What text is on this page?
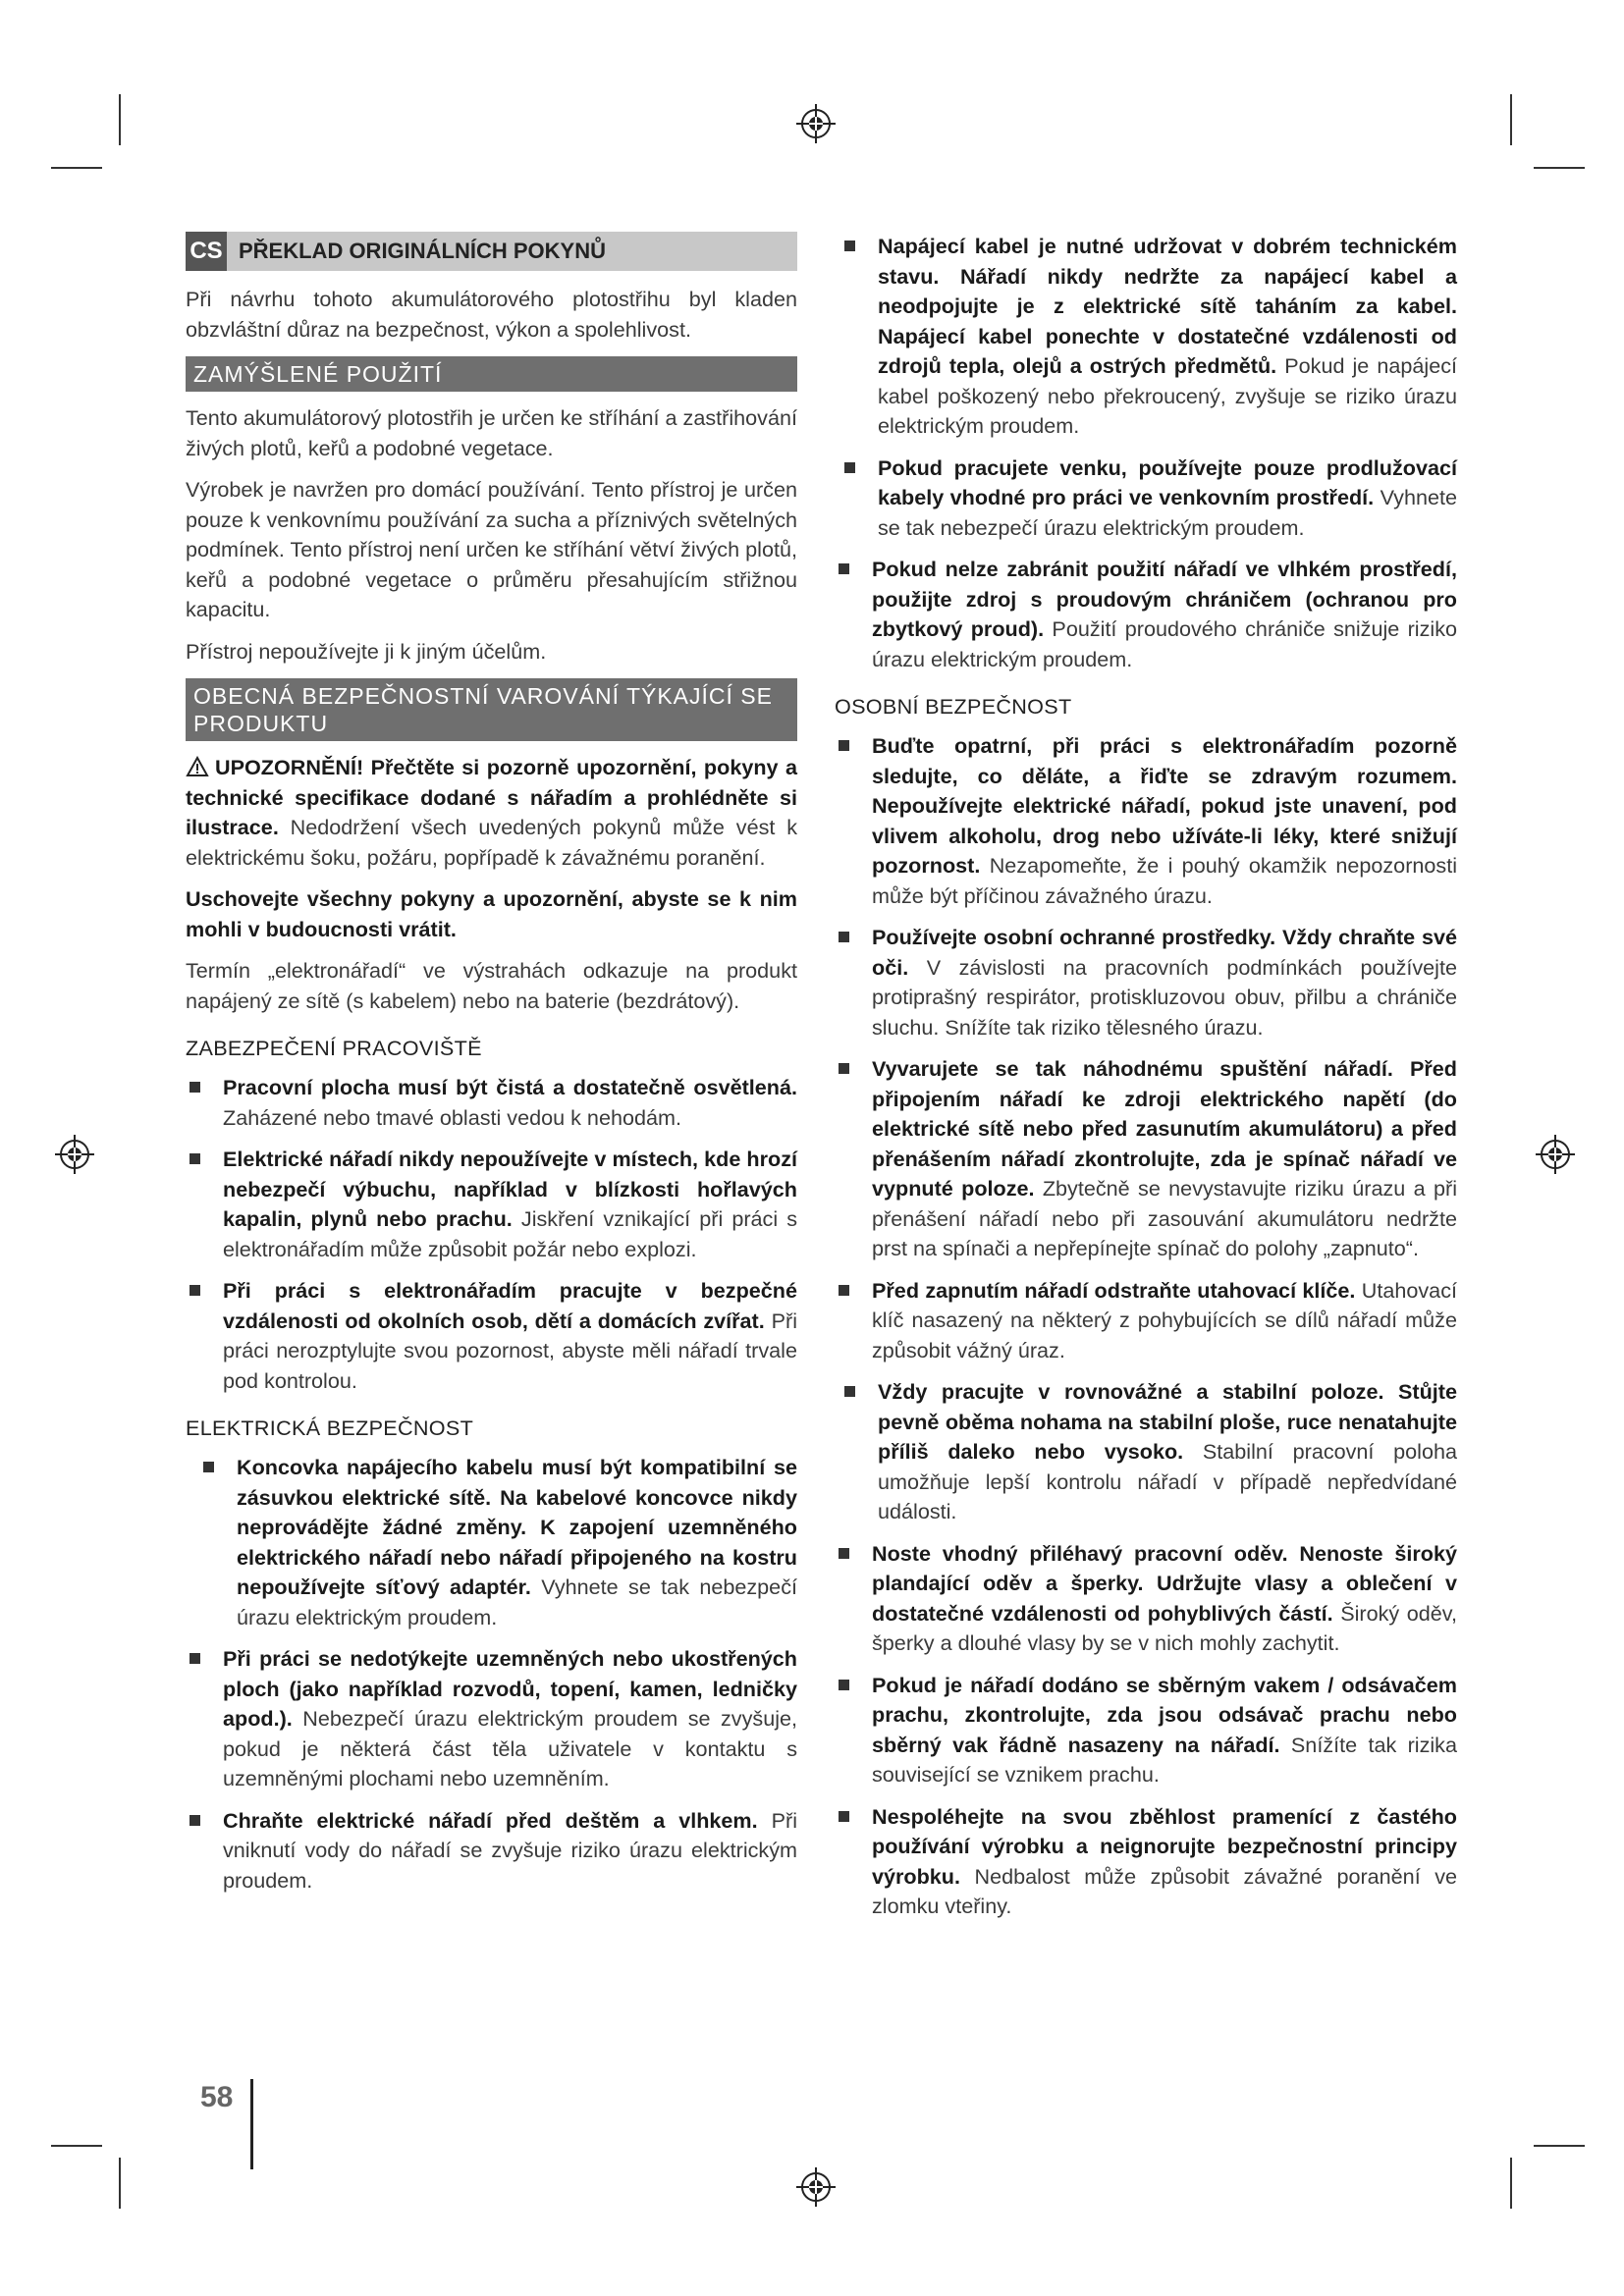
CS PŘEKLAD ORIGINÁLNÍCH POKYNŮ

Při návrhu tohoto akumulátorového plotostřihu byl kladen obzvláštní důraz na bezpečnost, výkon a spolehlivost.

ZAMÝŠLENÉ POUŽITÍ

Tento akumulátorový plotostřih je určen ke stříhání a zastřihování živých plotů, keřů a podobné vegetace.

Výrobek je navržen pro domácí používání. Tento přístroj je určen pouze k venkovnímu používání za sucha a příznivých světelných podmínek. Tento přístroj není určen ke stříhání větví živých plotů, keřů a podobné vegetace o průměru přesahujícím střižnou kapacitu.

Přístroj nepoužívejte ji k jiným účelům.

OBECNÁ BEZPEČNOSTNÍ VAROVÁNÍ TÝKAJÍCÍ SE PRODUKTU

UPOZORNĚNÍ! Přečtěte si pozorně upozornění, pokyny a technické specifikace dodané s nářadím a prohlédněte si ilustrace. Nedodržení všech uvedených pokynů může vést k elektrickému šoku, požáru, popřípadě k závažnému poranění.

Uschovejte všechny pokyny a upozornění, abyste se k nim mohli v budoucnosti vrátit.

Termín „elektronářadí“ ve výstrahách odkazuje na produkt napájený ze sítě (s kabelem) nebo na baterie (bezdrátový).

ZABEZPEČENÍ PRACOVIŠTĚ

Pracovní plocha musí být čistá a dostatečně osvětlená. Zaházené nebo tmavé oblasti vedou k nehodám.

Elektrické nářadí nikdy nepoužívejte v místech, kde hrozí nebezpečí výbuchu, například v blízkosti hořlavých kapalin, plynů nebo prachu. Jiskření vznikající při práci s elektronářadím může způsobit požár nebo explozi.

Při práci s elektronářadím pracujte v bezpečné vzdálenosti od okolních osob, dětí a domácích zvířat. Při práci nerozptylujte svou pozornost, abyste měli nářadí trvale pod kontrolou.

ELEKTRICKÁ BEZPEČNOST

Koncovka napájecího kabelu musí být kompatibilní se zásuvkou elektrické sítě. Na kabelové koncovce nikdy neprovádějte žádné změny. K zapojení uzemněného elektrického nářadí nebo nářadí připojeného na kostru nepoužívejte síťový adaptér. Vyhnete se tak nebezpečí úrazu elektrickým proudem.

Při práci se nedotýkejte uzemněných nebo ukostřených ploch (jako například rozvodů, topení, kamen, ledničky apod.). Nebezpečí úrazu elektrickým proudem se zvyšuje, pokud je některá část těla uživatele v kontaktu s uzemněnými plochami nebo uzemněním.

Chraňte elektrické nářadí před deštěm a vlhkem. Při vniknutí vody do nářadí se zvyšuje riziko úrazu elektrickým proudem.

Napájecí kabel je nutné udržovat v dobrém technickém stavu. Nářadí nikdy nedržte za napájecí kabel a neodpojujte je z elektrické sítě taháním za kabel. Napájecí kabel ponechte v dostatečné vzdálenosti od zdrojů tepla, olejů a ostrých předmětů. Pokud je napájecí kabel poškozený nebo překroucený, zvyšuje se riziko úrazu elektrickým proudem.

Pokud pracujete venku, používejte pouze prodlužovací kabely vhodné pro práci ve venkovním prostředí. Vyhnete se tak nebezpečí úrazu elektrickým proudem.

Pokud nelze zabránit použití nářadí ve vlhkém prostředí, použijte zdroj s proudovým chráničem (ochranou pro zbytkový proud). Použití proudového chrániče snižuje riziko úrazu elektrickým proudem.

OSOBNÍ BEZPEČNOST

Buďte opatrní, při práci s elektronářadím pozorně sledujte, co děláte, a řiďte se zdravým rozumem. Nepoužívejte elektrické nářadí, pokud jste unavení, pod vlivem alkoholu, drog nebo užíváte-li léky, které snižují pozornost. Nezapomeňte, že i pouhý okamžik nepozornosti může být příčinou závažného úrazu.

Používejte osobní ochranné prostředky. Vždy chraňte své oči. V závislosti na pracovních podmínkách používejte protiprašný respirátor, protiskluzovou obuv, přilbu a chrániče sluchu. Snížíte tak riziko tělesného úrazu.

Vyvarujete se tak náhodnému spuštění nářadí. Před připojením nářadí ke zdroji elektrického napětí (do elektrické sítě nebo před zasunutím akumulátoru) a před přenášením nářadí zkontrolujte, zda je spínač nářadí ve vypnuté poloze. Zbytečně se nevystavujte riziku úrazu a při přenášení nářadí nebo při zasouvání akumulátoru nedržte prst na spínači a nepřepínejte spínač do polohy „zapnuto“.

Před zapnutím nářadí odstraňte utahovací klíče. Utahovací klíč nasazený na některý z pohybujících se dílů nářadí může způsobit vážný úraz.

Vždy pracujte v rovnovážné a stabilní poloze. Stůjte pevně oběma nohama na stabilní ploše, ruce nenatahujte příliš daleko nebo vysoko. Stabilní pracovní poloha umožňuje lepší kontrolu nářadí v případě nepředvídané události.

Noste vhodný přiléhavý pracovní oděv. Nenoste široký plandající oděv a šperky. Udržujte vlasy a oblečení v dostatečné vzdálenosti od pohyblivých částí. Široký oděv, šperky a dlouhé vlasy by se v nich mohly zachytit.

Pokud je nářadí dodáno se sběrným vakem / odsávačem prachu, zkontrolujte, zda jsou odsávač prachu nebo sběrný vak řádně nasazeny na nářadí. Snížíte tak rizika související se vznikem prachu.

Nespoléhejte na svou zběhlost pramenící z častého používání výrobku a neignorujte bezpečnostní principy výrobku. Nedbalost může způsobit závažné poranění ve zlomku vteřiny.

58
